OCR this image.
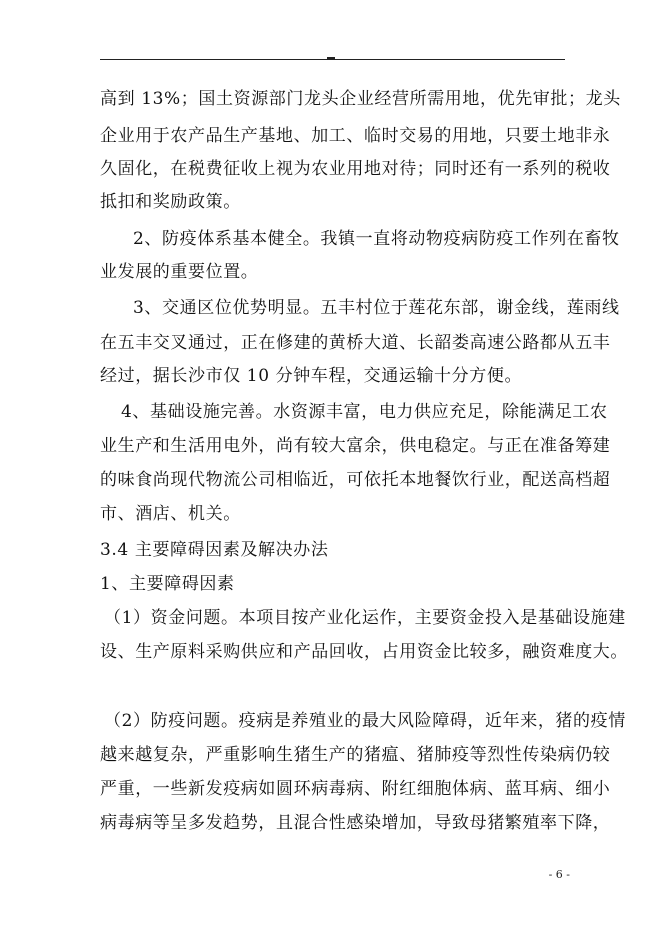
高到 13%；国土资源部门龙头企业经营所需用地，优先审批；龙头
企业用于农产品生产基地、加工、临时交易的用地，只要土地非永
久固化，在税费征收上视为农业用地对待；同时还有一系列的税收
抵扣和奖励政策。
2、防疫体系基本健全。我镇一直将动物疫病防疫工作列在畜牧
业发展的重要位置。
3、交通区位优势明显。五丰村位于莲花东部，谢金线，莲雨线
在五丰交叉通过，正在修建的黄桥大道、长韶娄高速公路都从五丰
经过，据长沙市仅 10 分钟车程，交通运输十分方便。
4、基础设施完善。水资源丰富，电力供应充足，除能满足工农
业生产和生活用电外，尚有较大富余，供电稳定。与正在准备筹建
的味食尚现代物流公司相临近，可依托本地餐饮行业，配送高档超
市、酒店、机关。
3.4 主要障碍因素及解决办法
1、主要障碍因素
（1）资金问题。本项目按产业化运作，主要资金投入是基础设施建
设、生产原料采购供应和产品回收，占用资金比较多，融资难度大。
（2）防疫问题。疫病是养殖业的最大风险障碍，近年来，猪的疫情
越来越复杂，严重影响生猪生产的猪瘟、猪肺疫等烈性传染病仍较
严重，一些新发疫病如圆环病毒病、附红细胞体病、蓝耳病、细小
病毒病等呈多发趋势，且混合性感染增加，导致母猪繁殖率下降，
- 6 -
